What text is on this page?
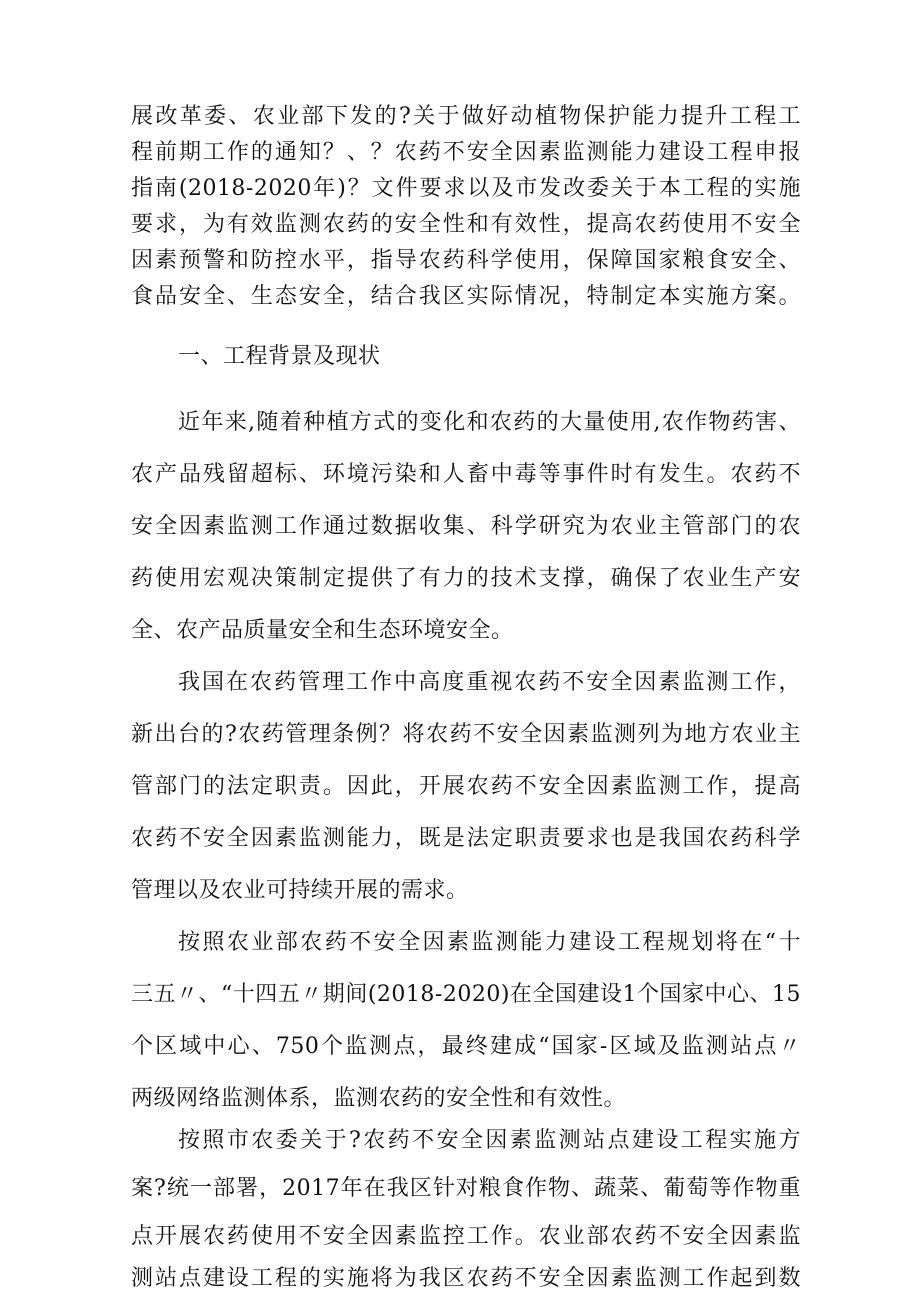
展改革委、农业部下发的?关于做好动植物保护能力提升工程工
程前期工作的通知？、？农药不安全因素监测能力建设工程申报
指南(2018-2020年)？文件要求以及市发改委关于本工程的实施
要求，为有效监测农药的安全性和有效性，提高农药使用不安全
因素预警和防控水平，指导农药科学使用，保障国家粮食安全、
食品安全、生态安全，结合我区实际情况，特制定本实施方案。
一、工程背景及现状
近年来,随着种植方式的变化和农药的大量使用,农作物药害、
农产品残留超标、环境污染和人畜中毒等事件时有发生。农药不
安全因素监测工作通过数据收集、科学研究为农业主管部门的农
药使用宏观决策制定提供了有力的技术支撑，确保了农业生产安
全、农产品质量安全和生态环境安全。
我国在农药管理工作中高度重视农药不安全因素监测工作，
新出台的?农药管理条例？将农药不安全因素监测列为地方农业主
管部门的法定职责。因此，开展农药不安全因素监测工作，提高
农药不安全因素监测能力，既是法定职责要求也是我国农药科学
管理以及农业可持续开展的需求。
按照农业部农药不安全因素监测能力建设工程规划将在“十
三五〃、“十四五〃期间(2018-2020)在全国建设1个国家中心、15
个区域中心、750个监测点，最终建成“国家-区域及监测站点〃
两级网络监测体系，监测农药的安全性和有效性。
按照市农委关于?农药不安全因素监测站点建设工程实施方
案?统一部署，2017年在我区针对粮食作物、蔬菜、葡萄等作物重
点开展农药使用不安全因素监控工作。农业部农药不安全因素监
测站点建设工程的实施将为我区农药不安全因素监测工作起到数
